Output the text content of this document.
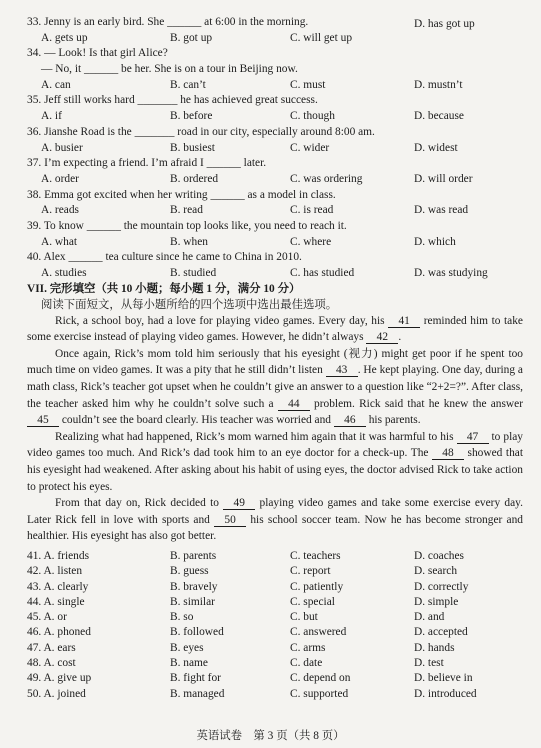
33. Jenny is an early bird. She ______ at 6:00 in the morning.	D. has got up
A. gets up	B. got up	C. will get up
34. — Look! Is that girl Alice?
— No, it ______ be her. She is on a tour in Beijing now.
A. can	B. can’t	C. must	D. mustn’t
35. Jeff still works hard _______ he has achieved great success.
A. if	B. before	C. though	D. because
36. Jianshe Road is the _______ road in our city, especially around 8:00 am.
A. busier	B. busiest	C. wider	D. widest
37. I’m expecting a friend. I’m afraid I ______ later.
A. order	B. ordered	C. was ordering	D. will order
38. Emma got excited when her writing ______ as a model in class.
A. reads	B. read	C. is read	D. was read
39. To know ______ the mountain top looks like, you need to reach it.
A. what	B. when	C. where	D. which
40. Alex ______ tea culture since he came to China in 2010.
A. studies	B. studied	C. has studied	D. was studying
VII. 完形填空（共 10 小题；每小题 1 分，满分 10 分）
阅读下面短文，从每小题所给的四个选项中选出最佳选项。

Rick, a school boy, had a love for playing video games. Every day, his 41 reminded him to take some exercise instead of playing video games. However, he didn’t always 42 .

Once again, Rick’s mom told him seriously that his eyesight (视力) might get poor if he spent too much time on video games. It was a pity that he still didn’t listen 43 . He kept playing. One day, during a math class, Rick’s teacher got upset when he couldn’t give an answer to a question like “2+2=?”. After class, the teacher asked him why he couldn’t solve such a 44 problem. Rick said that he knew the answer 45 couldn’t see the board clearly. His teacher was worried and 46 his parents.

Realizing what had happened, Rick’s mom warned him again that it was harmful to his 47 to play video games too much. And Rick’s dad took him to an eye doctor for a check-up. The 48 showed that his eyesight had weakened. After asking about his habit of using eyes, the doctor advised Rick to take action to protect his eyes.

From that day on, Rick decided to 49 playing video games and take some exercise every day. Later Rick fell in love with sports and 50 his school soccer team. Now he has become stronger and healthier. His eyesight has also got better.

41. A. friends	B. parents	C. teachers	D. coaches
42. A. listen	B. guess	C. report	D. search
43. A. clearly	B. bravely	C. patiently	D. correctly
44. A. single	B. similar	C. special	D. simple
45. A. or	B. so	C. but	D. and
46. A. phoned	B. followed	C. answered	D. accepted
47. A. ears	B. eyes	C. arms	D. hands
48. A. cost	B. name	C. date	D. test
49. A. give up	B. fight for	C. depend on	D. believe in
50. A. joined	B. managed	C. supported	D. introduced
英语试卷　第 3 页（共 8 页）
